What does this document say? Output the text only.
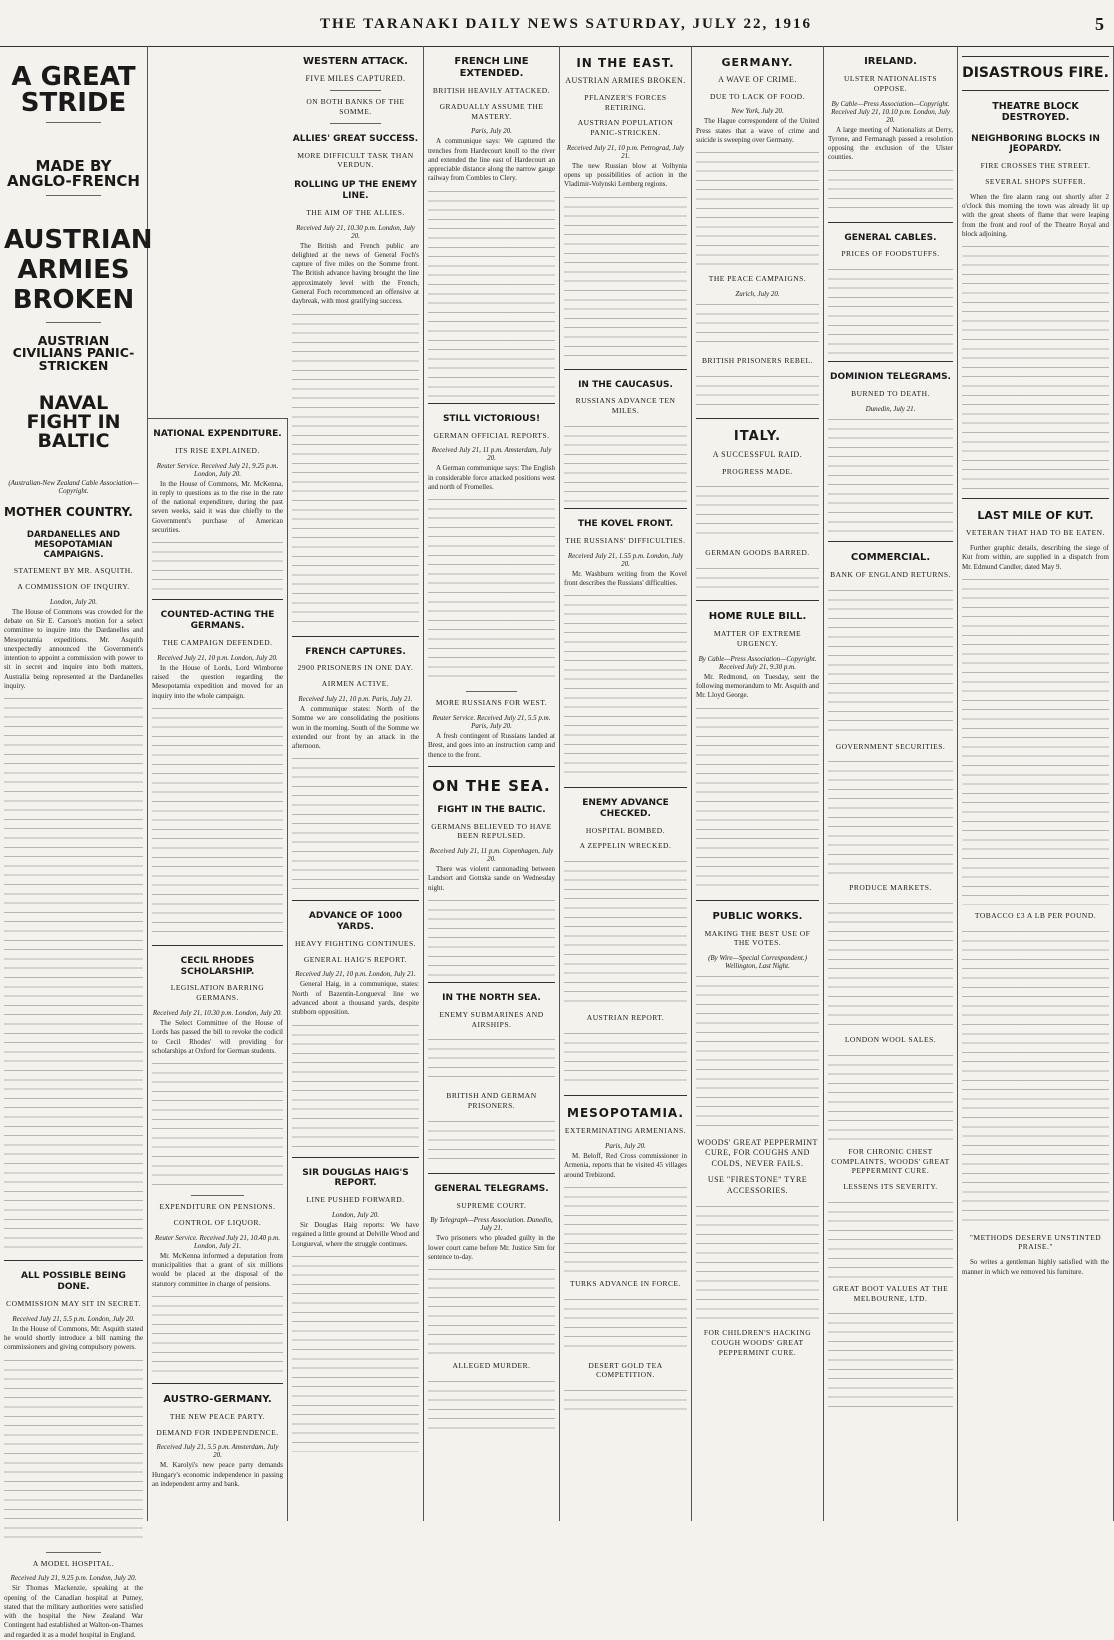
THE TARANAKI DAILY NEWS SATURDAY, JULY 22, 1916	5
A GREAT STRIDE
MADE BY ANGLO-FRENCH
AUSTRIAN ARMIES BROKEN
AUSTRIAN CIVILIANS PANIC-STRICKEN
NAVAL FIGHT IN BALTIC
(Australian-New Zealand Cable Association—Copyright.
MOTHER COUNTRY.
DARDANELLES AND MESOPOTAMIAN CAMPAIGNS.
STATEMENT BY MR. ASQUITH.
A COMMISSION OF INQUIRY.
London, July 20.

The House of Commons was crowded for the debate on Sir E. Carson's motion for a select committee to inquire into the Dardanelles and Mesopotamia expeditions. Mr. Asquith unexpectedly announced the Government's intention to appoint a commission with power to sit in secret and inquire into both matters, Australia being represented at the Dardanelles inquiry.

ALL POSSIBLE BEING DONE.
COMMISSION MAY SIT IN SECRET.
Received July 21, 5.5 p.m. London, July 20.

In the House of Commons, Mr. Asquith stated he would shortly introduce a bill naming the commissioners and giving compulsory powers.

A MODEL HOSPITAL.
Received July 21, 9.25 p.m. London, July 20.

Sir Thomas Mackenzie, speaking at the opening of the Canadian hospital at Putney, stated that the military authorities were satisfied with the hospital the New Zealand War Contingent had established at Walton-on-Thames and regarded it as a model hospital in England.

NATIONAL EXPENDITURE.
ITS RISE EXPLAINED.
Reuter Service. Received July 21, 9.25 p.m. London, July 20.

In the House of Commons, Mr. McKenna, in reply to questions as to the rise in the rate of the national expenditure, during the past seven weeks, said it was due chiefly to the Government's purchase of American securities.

COUNTED-ACTING THE GERMANS.
THE CAMPAIGN DEFENDED.
Received July 21, 10 p.m. London, July 20.

In the House of Lords, Lord Wimborne raised the question regarding the Mesopotamia expedition and moved for an inquiry into the whole campaign.

CECIL RHODES SCHOLARSHIP.
LEGISLATION BARRING GERMANS.
Received July 21, 10.30 p.m. London, July 20.

The Select Committee of the House of Lords has passed the bill to revoke the codicil to Cecil Rhodes' will providing for scholarships at Oxford for German students.

EXPENDITURE ON PENSIONS.
CONTROL OF LIQUOR.
Reuter Service. Received July 21, 10.40 p.m. London, July 21.

Mr. McKenna informed a deputation from municipalities that a grant of six millions would be placed at the disposal of the statutory committee in charge of pensions.

AUSTRO-GERMANY.
THE NEW PEACE PARTY.
DEMAND FOR INDEPENDENCE.
Received July 21, 5.5 p.m. Amsterdam, July 20.

M. Karolyi's new peace party demands Hungary's economic independence in passing an independent army and bank.

WESTERN ATTACK.
FIVE MILES CAPTURED.
ON BOTH BANKS OF THE SOMME.
ALLIES' GREAT SUCCESS.
MORE DIFFICULT TASK THAN VERDUN.
ROLLING UP THE ENEMY LINE.
THE AIM OF THE ALLIES.
Received July 21, 10.30 p.m. London, July 20.

The British and French public are delighted at the news of General Foch's capture of five miles on the Somme front. The British advance having brought the line approximately level with the French, General Foch recommenced an offensive at daybreak, with most gratifying success.

FRENCH CAPTURES.
2900 PRISONERS IN ONE DAY.
AIRMEN ACTIVE.
Received July 21, 10 p.m. Paris, July 21.

A communique states: North of the Somme we are consolidating the positions won in the morning. South of the Somme we extended our front by an attack in the afternoon.

ADVANCE OF 1000 YARDS.
HEAVY FIGHTING CONTINUES.
GENERAL HAIG'S REPORT.
Received July 21, 10 p.m. London, July 21.

General Haig, in a communique, states: North of Bazentin-Longueval line we advanced about a thousand yards, despite stubborn opposition.

SIR DOUGLAS HAIG'S REPORT.
LINE PUSHED FORWARD.
London, July 20.

Sir Douglas Haig reports: We have regained a little ground at Delville Wood and Longueval, where the struggle continues.

FRENCH LINE EXTENDED.
BRITISH HEAVILY ATTACKED.
GRADUALLY ASSUME THE MASTERY.
Paris, July 20.

A communique says: We captured the trenches from Hardecourt knoll to the river and extended the line east of Hardecourt an appreciable distance along the narrow gauge railway from Combles to Clery.

STILL VICTORIOUS!
GERMAN OFFICIAL REPORTS.
Received July 21, 11 p.m. Amsterdam, July 20.

A German communique says: The English in considerable force attacked positions west and north of Fromelles.

MORE RUSSIANS FOR WEST.
Reuter Service. Received July 21, 5.5 p.m. Paris, July 20.

A fresh contingent of Russians landed at Brest, and goes into an instruction camp and thence to the front.

ON THE SEA.
FIGHT IN THE BALTIC.
GERMANS BELIEVED TO HAVE BEEN REPULSED.
Received July 21, 11 p.m. Copenhagen, July 20.

There was violent cannonading between Landsort and Gottska sande on Wednesday night.

IN THE NORTH SEA.
ENEMY SUBMARINES AND AIRSHIPS.
BRITISH AND GERMAN PRISONERS.
GENERAL TELEGRAMS.
SUPREME COURT.
By Telegraph—Press Association. Dunedin, July 21.

Two prisoners who pleaded guilty in the lower court came before Mr. Justice Sim for sentence to-day.

ALLEGED MURDER.
IN THE EAST.
AUSTRIAN ARMIES BROKEN.
PFLANZER'S FORCES RETIRING.
AUSTRIAN POPULATION PANIC-STRICKEN.
Received July 21, 10 p.m. Petrograd, July 21.

The new Russian blow at Volhynia opens up possibilities of action in the Vladimir-Volynski Lemberg regions.

IN THE CAUCASUS.
RUSSIANS ADVANCE TEN MILES.
THE KOVEL FRONT.
THE RUSSIANS' DIFFICULTIES.
Received July 21, 1.55 p.m. London, July 20.

Mr. Washburn writing from the Kovel front describes the Russians' difficulties.

ENEMY ADVANCE CHECKED.
HOSPITAL BOMBED.
A ZEPPELIN WRECKED.
AUSTRIAN REPORT.
MESOPOTAMIA.
EXTERMINATING ARMENIANS.
Paris, July 20.

M. Beloff, Red Cross commissioner in Armenia, reports that he visited 45 villages around Trebizond.

TURKS ADVANCE IN FORCE.
DESERT GOLD TEA COMPETITION.
GERMANY.
A WAVE OF CRIME.
DUE TO LACK OF FOOD.
New York, July 20.

The Hague correspondent of the United Press states that a wave of crime and suicide is sweeping over Germany.

THE PEACE CAMPAIGNS.
Zurich, July 20.
BRITISH PRISONERS REBEL.
ITALY.
A SUCCESSFUL RAID.
PROGRESS MADE.
GERMAN GOODS BARRED.
HOME RULE BILL.
MATTER OF EXTREME URGENCY.
By Cable—Press Association—Copyright. Received July 21, 9.30 p.m.

Mr. Redmond, on Tuesday, sent the following memorandum to Mr. Asquith and Mr. Lloyd George.

PUBLIC WORKS.
MAKING THE BEST USE OF THE VOTES.
(By Wire—Special Correspondent.) Wellington, Last Night.
WOODS' GREAT PEPPERMINT CURE, FOR COUGHS AND COLDS, NEVER FAILS.
USE "FIRESTONE" TYRE ACCESSORIES.
FOR CHILDREN'S HACKING COUGH WOODS' GREAT PEPPERMINT CURE.
IRELAND.
ULSTER NATIONALISTS OPPOSE.
By Cable—Press Association—Copyright. Received July 21, 10.10 p.m. London, July 20.

A large meeting of Nationalists at Derry, Tyrone, and Fermanagh passed a resolution opposing the exclusion of the Ulster counties.

GENERAL CABLES.
PRICES OF FOODSTUFFS.
DOMINION TELEGRAMS.
BURNED TO DEATH.
Dunedin, July 21.
COMMERCIAL.
BANK OF ENGLAND RETURNS.
GOVERNMENT SECURITIES.
PRODUCE MARKETS.
LONDON WOOL SALES.
FOR CHRONIC CHEST COMPLAINTS, WOODS' GREAT PEPPERMINT CURE.
LESSENS ITS SEVERITY.
GREAT BOOT VALUES AT THE MELBOURNE, LTD.
DISASTROUS FIRE.
THEATRE BLOCK DESTROYED.
NEIGHBORING BLOCKS IN JEOPARDY.
FIRE CROSSES THE STREET.
SEVERAL SHOPS SUFFER.

When the fire alarm rang out shortly after 2 o'clock this morning the town was already lit up with the great sheets of flame that were leaping from the front and roof of the Theatre Royal and block adjoining.

LAST MILE OF KUT.
VETERAN THAT HAD TO BE EATEN.

Further graphic details, describing the siege of Kut from within, are supplied in a dispatch from Mr. Edmund Candler, dated May 9.

TOBACCO £3 A LB PER POUND.
"METHODS DESERVE UNSTINTED PRAISE."

So writes a gentleman highly satisfied with the manner in which we removed his furniture.
